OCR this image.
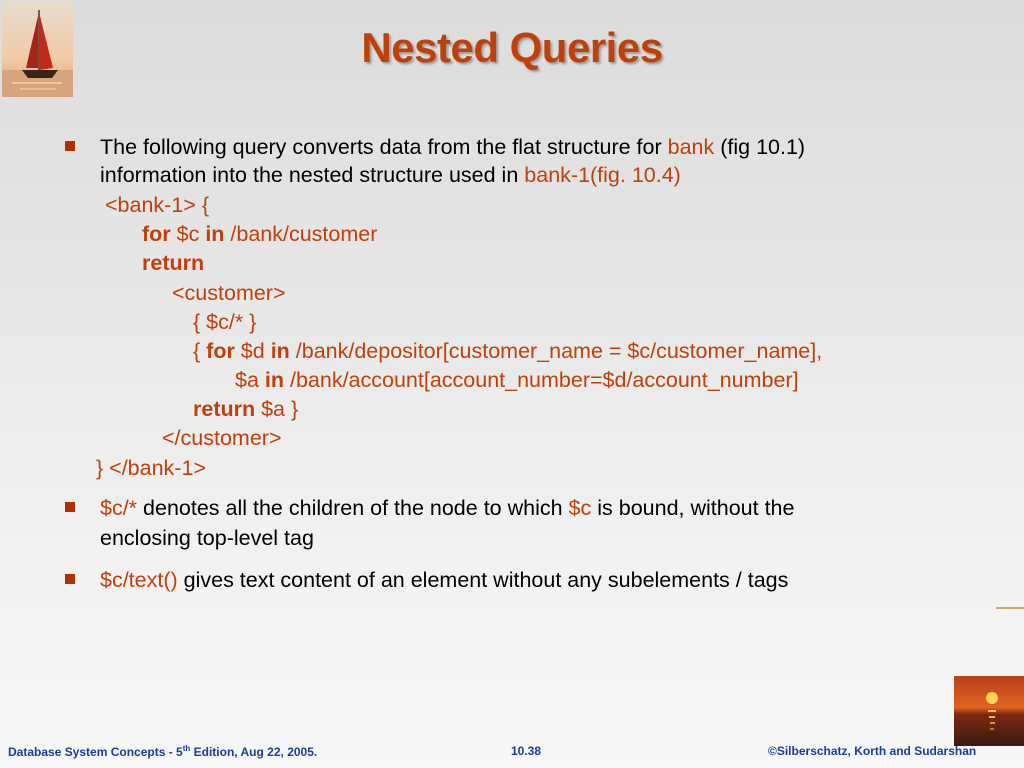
Nested Queries
The following query converts data from the flat structure for bank (fig 10.1)
information into the nested structure used in bank-1(fig. 10.4)
<bank-1> {
for $c in /bank/customer
return
<customer>
{ $c/* }
{ for $d in /bank/depositor[customer_name = $c/customer_name],
$a in /bank/account[account_number=$d/account_number]
return $a }
</customer>
} </bank-1>
$c/* denotes all the children of the node to which $c is bound, without the
enclosing top-level tag
$c/text() gives text content of an element without any subelements / tags
Database System Concepts - 5th Edition, Aug 22, 2005.	10.38	©Silberschatz, Korth and Sudarshan
